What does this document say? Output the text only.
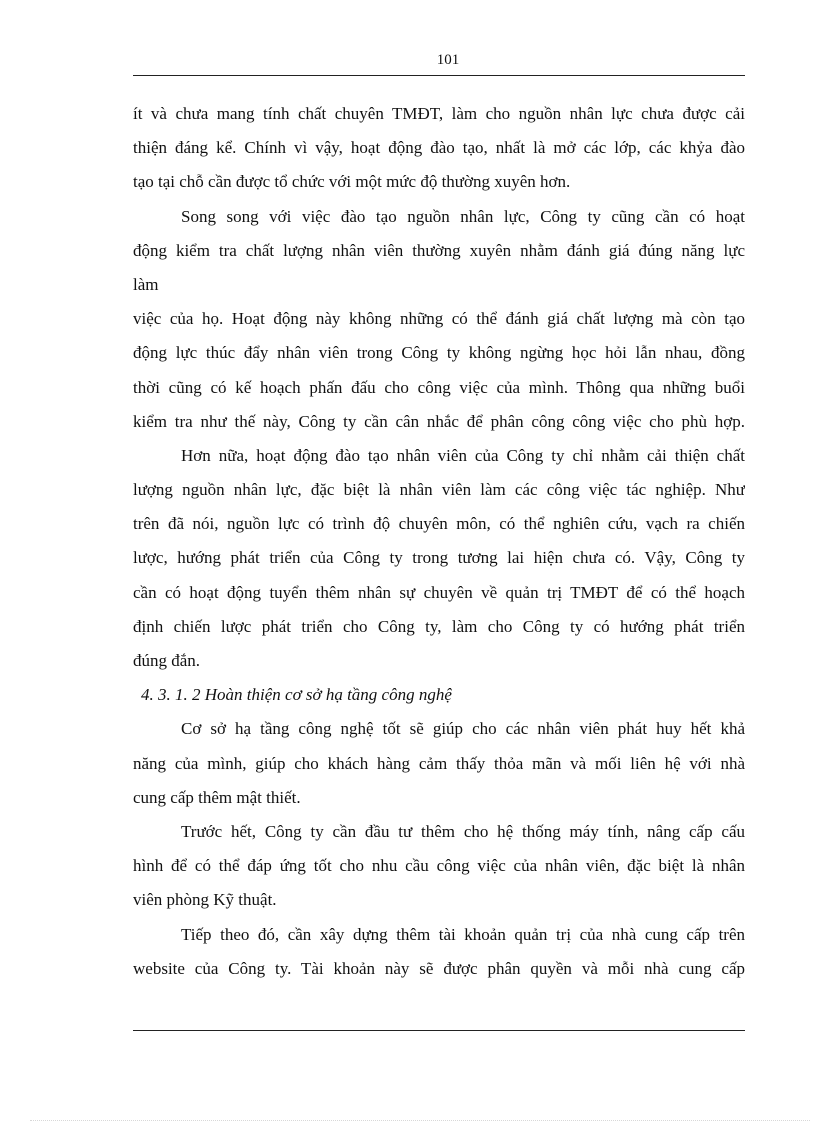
101
ít và chưa mang tính chất chuyên TMĐT, làm cho nguồn nhân lực chưa được cải
thiện đáng kể. Chính vì vậy, hoạt động đào tạo, nhất là mở các lớp, các khỷa đào
tạo tại chỗ cần được tổ chức với một mức độ thường xuyên hơn.
Song song với việc đào tạo nguồn nhân lực, Công ty cũng cần có hoạt
động kiểm tra chất lượng nhân viên thường xuyên nhằm đánh giá đúng năng lực
làm
việc của họ. Hoạt động này không những có thể đánh giá chất lượng mà còn tạo
động lực thúc đẩy nhân viên trong Công ty không ngừng học hỏi lẫn nhau, đồng
thời cũng có kế hoạch phấn đấu cho công việc của mình. Thông qua những buổi
kiểm tra như thế này, Công ty cần cân nhắc để phân công công việc cho phù hợp.
Hơn nữa, hoạt động đào tạo nhân viên của Công ty chỉ nhằm cải thiện chất
lượng nguồn nhân lực, đặc biệt là nhân viên làm các công việc tác nghiệp. Như
trên đã nói, nguồn lực có trình độ chuyên môn, có thể nghiên cứu, vạch ra chiến
lược, hướng phát triển của Công ty trong tương lai hiện chưa có. Vậy, Công ty
cần có hoạt động tuyển thêm nhân sự chuyên về quản trị TMĐT để có thể hoạch
định chiến lược phát triển cho Công ty, làm cho Công ty có hướng phát triển
đúng đắn.
4. 3. 1. 2 Hoàn thiện cơ sở hạ tầng công nghệ
Cơ sở hạ tầng công nghệ tốt sẽ giúp cho các nhân viên phát huy hết khả
năng của mình, giúp cho khách hàng cảm thấy thỏa mãn và mối liên hệ với nhà
cung cấp thêm mật thiết.
Trước hết, Công ty cần đầu tư thêm cho hệ thống máy tính, nâng cấp cấu
hình để có thể đáp ứng tốt cho nhu cầu công việc của nhân viên, đặc biệt là nhân
viên phòng Kỹ thuật.
Tiếp theo đó, cần xây dựng thêm tài khoản quản trị của nhà cung cấp trên
website của Công ty. Tài khoản này sẽ được phân quyền và mỗi nhà cung cấp
